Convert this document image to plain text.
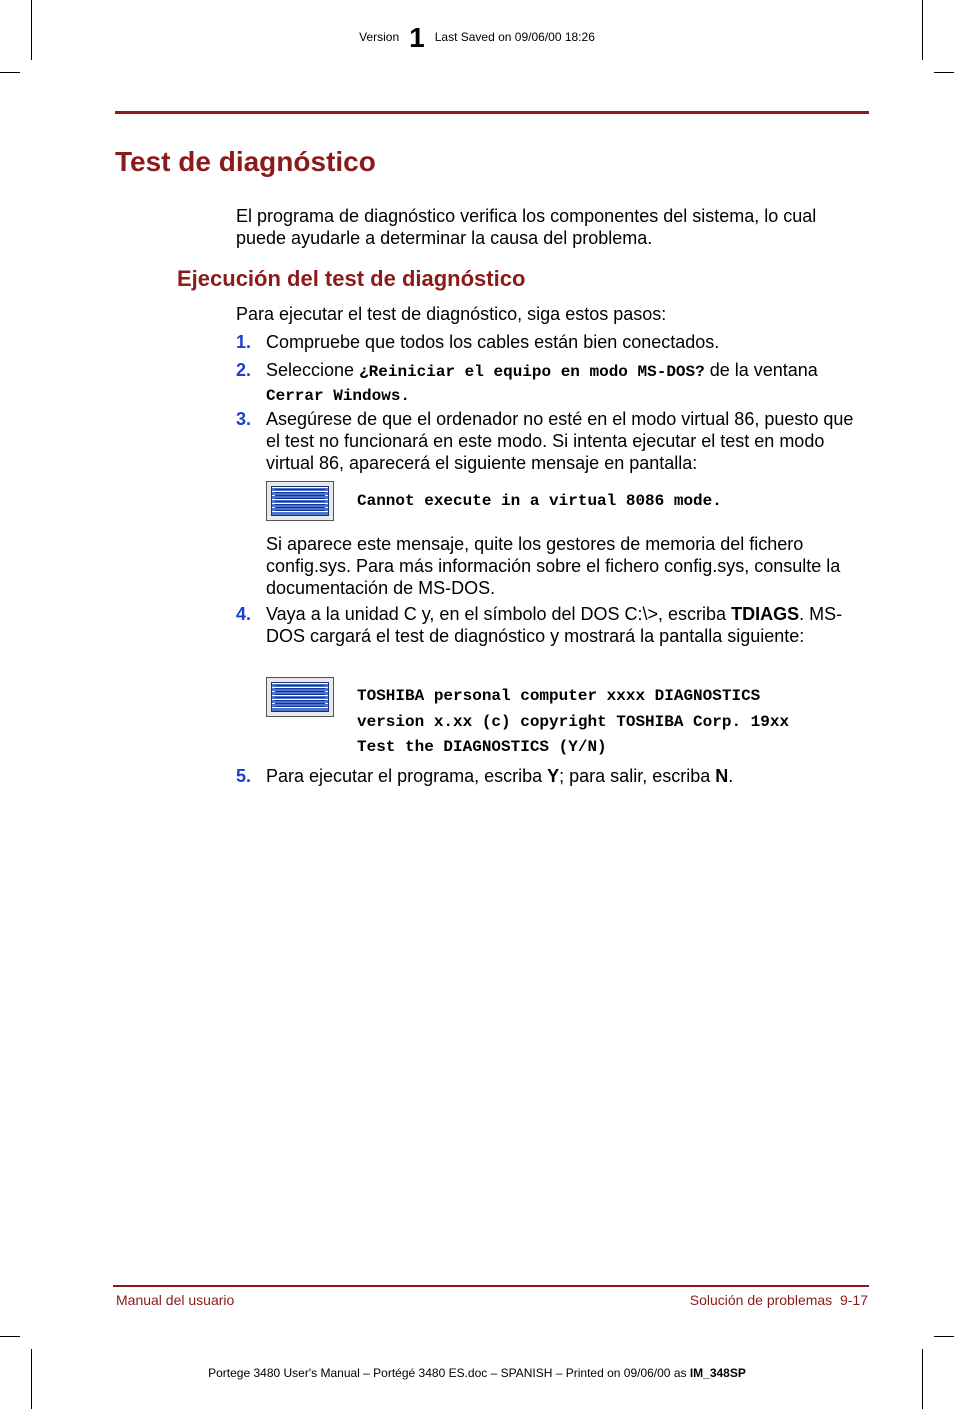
Version 1 Last Saved on 09/06/00 18:26
Test de diagnóstico

El programa de diagnóstico verifica los componentes del sistema, lo cual puede ayudarle a determinar la causa del problema.

Ejecución del test de diagnóstico
Para ejecutar el test de diagnóstico, siga estos pasos:
1. Compruebe que todos los cables están bien conectados.
2. Seleccione ¿Reiniciar el equipo en modo MS-DOS? de la ventana Cerrar Windows.
3. Asegúrese de que el ordenador no esté en el modo virtual 86, puesto que el test no funcionará en este modo. Si intenta ejecutar el test en modo virtual 86, aparecerá el siguiente mensaje en pantalla:
Cannot execute in a virtual 8086 mode.
Si aparece este mensaje, quite los gestores de memoria del fichero config.sys. Para más información sobre el fichero config.sys, consulte la documentación de MS-DOS.
4. Vaya a la unidad C y, en el símbolo del DOS C:\>, escriba TDIAGS. MS-DOS cargará el test de diagnóstico y mostrará la pantalla siguiente:
TOSHIBA personal computer xxxx DIAGNOSTICS
version x.xx (c) copyright TOSHIBA Corp. 19xx
Test the DIAGNOSTICS (Y/N)
5. Para ejecutar el programa, escriba Y; para salir, escriba N.
Manual del usuario	Solución de problemas  9-17
Portege 3480 User's Manual – Portégé 3480 ES.doc – SPANISH – Printed on 09/06/00 as IM_348SP
